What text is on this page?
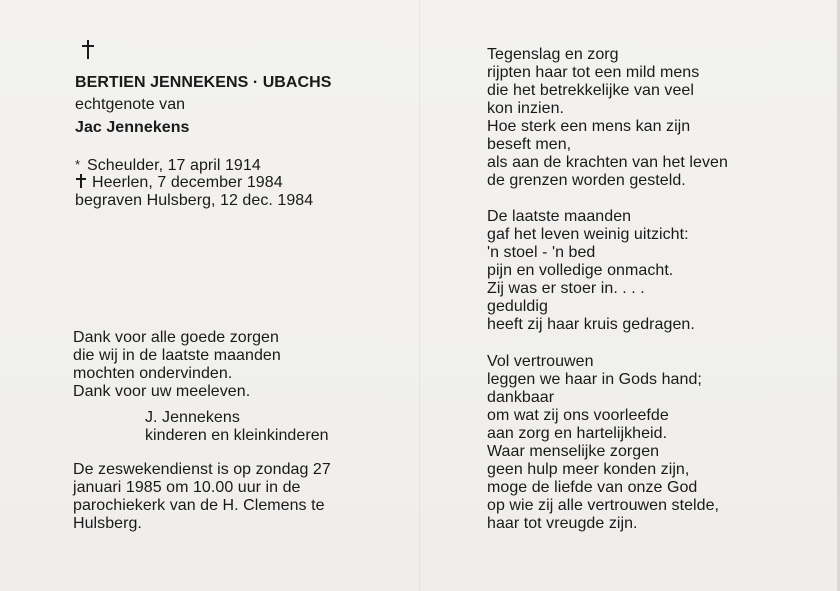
BERTIEN JENNEKENS · UBACHS
echtgenote van
Jac Jennekens
* Scheulder, 17 april 1914
Heerlen, 7 december 1984
begraven Hulsberg, 12 dec. 1984
Dank voor alle goede zorgen
die wij in de laatste maanden
mochten ondervinden.
Dank voor uw meeleven.
J. Jennekens
kinderen en kleinkinderen
De zeswekendienst is op zondag 27
januari 1985 om 10.00 uur in de
parochiekerk van de H. Clemens te
Hulsberg.
Tegenslag en zorg
rijpten haar tot een mild mens
die het betrekkelijke van veel
kon inzien.
Hoe sterk een mens kan zijn
beseft men,
als aan de krachten van het leven
de grenzen worden gesteld.
De laatste maanden
gaf het leven weinig uitzicht:
'n stoel - 'n bed
pijn en volledige onmacht.
Zij was er stoer in. . . .
geduldig
heeft zij haar kruis gedragen.
Vol vertrouwen
leggen we haar in Gods hand;
dankbaar
om wat zij ons voorleefde
aan zorg en hartelijkheid.
Waar menselijke zorgen
geen hulp meer konden zijn,
moge de liefde van onze God
op wie zij alle vertrouwen stelde,
haar tot vreugde zijn.
